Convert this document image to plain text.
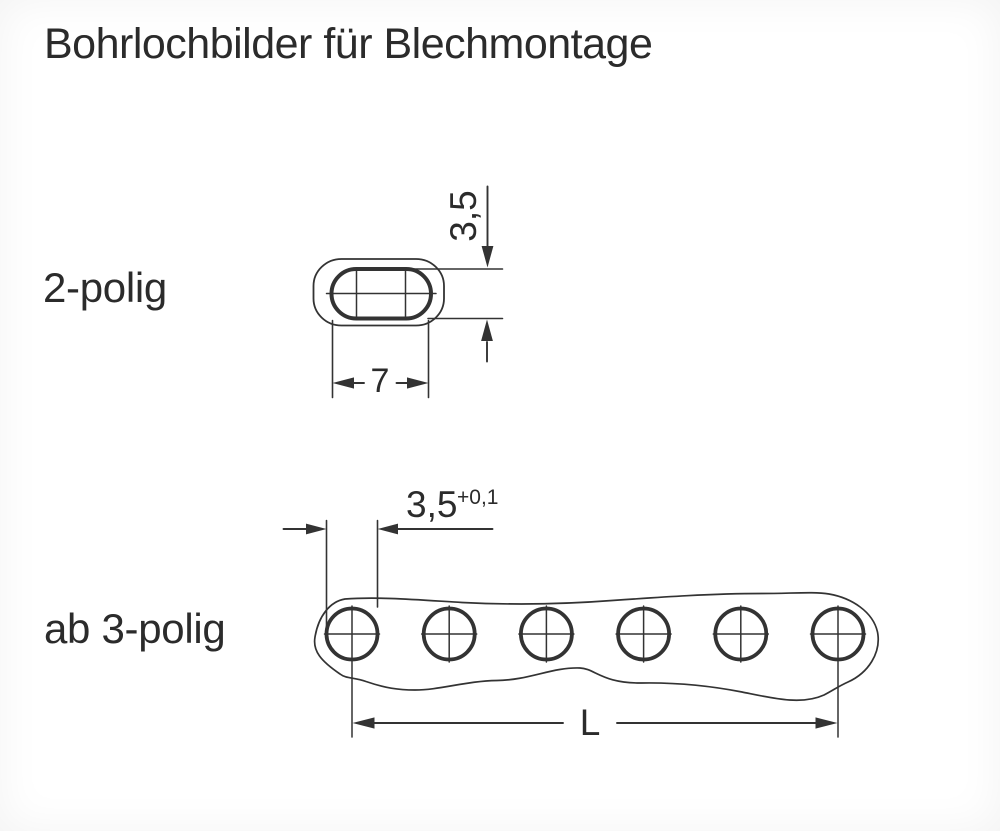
Bohrlochbilder für Blechmontage
2-polig
ab 3-polig
3,5
7
3,5 +0,1
L
